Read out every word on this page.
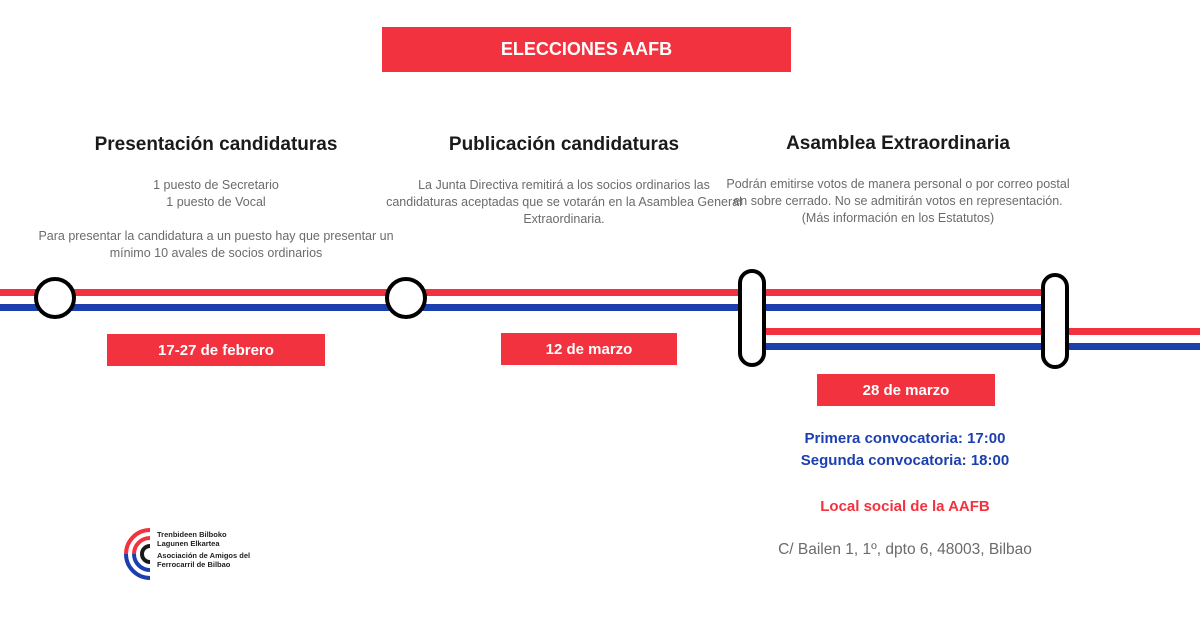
ELECCIONES AAFB
Presentación candidaturas

1 puesto de Secretario
1 puesto de Vocal

Para presentar la candidatura a un puesto hay que presentar un mínimo 10 avales de socios ordinarios

17-27 de febrero
Publicación candidaturas

La Junta Directiva remitirá a los socios ordinarios las candidaturas aceptadas que se votarán en la Asamblea General Extraordinaria.

12 de marzo
Asamblea Extraordinaria

Podrán emitirse votos de manera personal o por correo postal en sobre cerrado. No se admitirán votos en representación. (Más información en los Estatutos)

28 de marzo
Primera convocatoria: 17:00
Segunda convocatoria: 18:00
Local social de la AAFB
C/ Bailen 1, 1º, dpto 6, 48003, Bilbao
Trenbideen Bilboko
Lagunen Elkartea
Asociación de Amigos del
Ferrocarril de Bilbao
